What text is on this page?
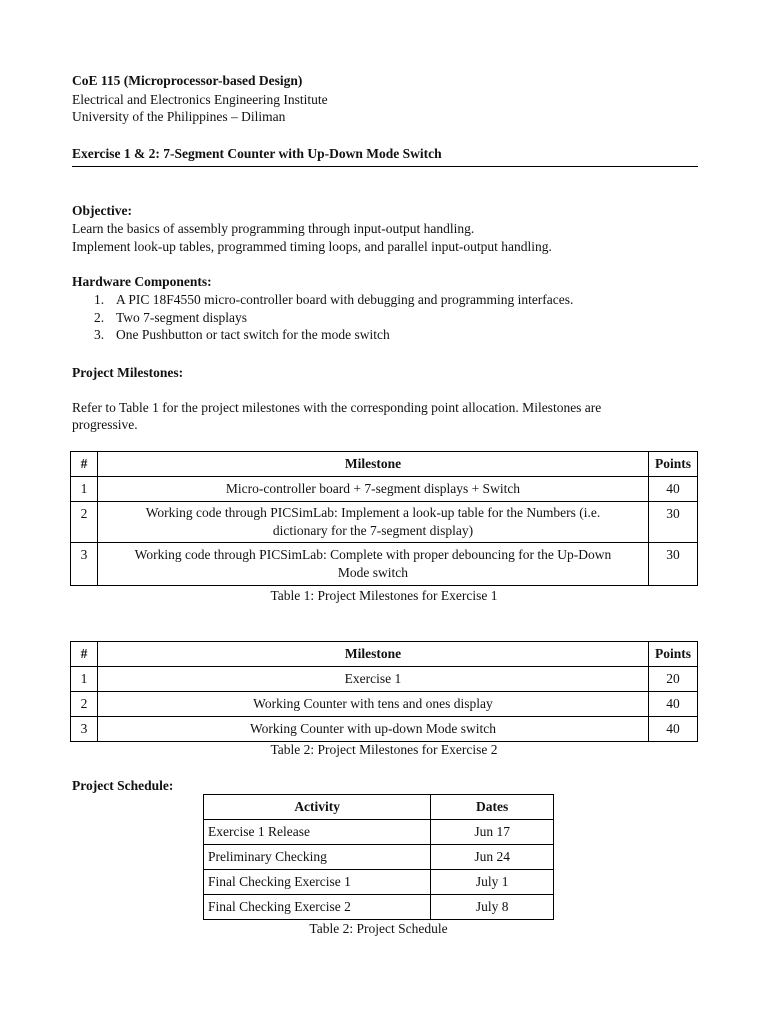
CoE 115 (Microprocessor-based Design)
Electrical and Electronics Engineering Institute
University of the Philippines – Diliman
Exercise 1 & 2: 7-Segment Counter with Up-Down Mode Switch
Objective:
Learn the basics of assembly programming through input-output handling.
Implement look-up tables, programmed timing loops, and parallel input-output handling.
Hardware Components:
1. A PIC 18F4550 micro-controller board with debugging and programming interfaces.
2. Two 7-segment displays
3. One Pushbutton or tact switch for the mode switch
Project Milestones:
Refer to Table 1 for the project milestones with the corresponding point allocation. Milestones are
progressive.
#	Milestone	Points
1	Micro-controller board + 7-segment displays + Switch	40
2	Working code through PICSimLab: Implement a look-up table for the Numbers (i.e.
dictionary for the 7-segment display)	30
3	Working code through PICSimLab: Complete with proper debouncing for the Up-Down
Mode switch	30
Table 1: Project Milestones for Exercise 1
#	Milestone	Points
1	Exercise 1	20
2	Working Counter with tens and ones display	40
3	Working Counter with up-down Mode switch	40
Table 2: Project Milestones for Exercise 2
Project Schedule:
Activity	Dates
Exercise 1 Release	Jun 17
Preliminary Checking	Jun 24
Final Checking Exercise 1	July 1
Final Checking Exercise 2	July 8
Table 2: Project Schedule
